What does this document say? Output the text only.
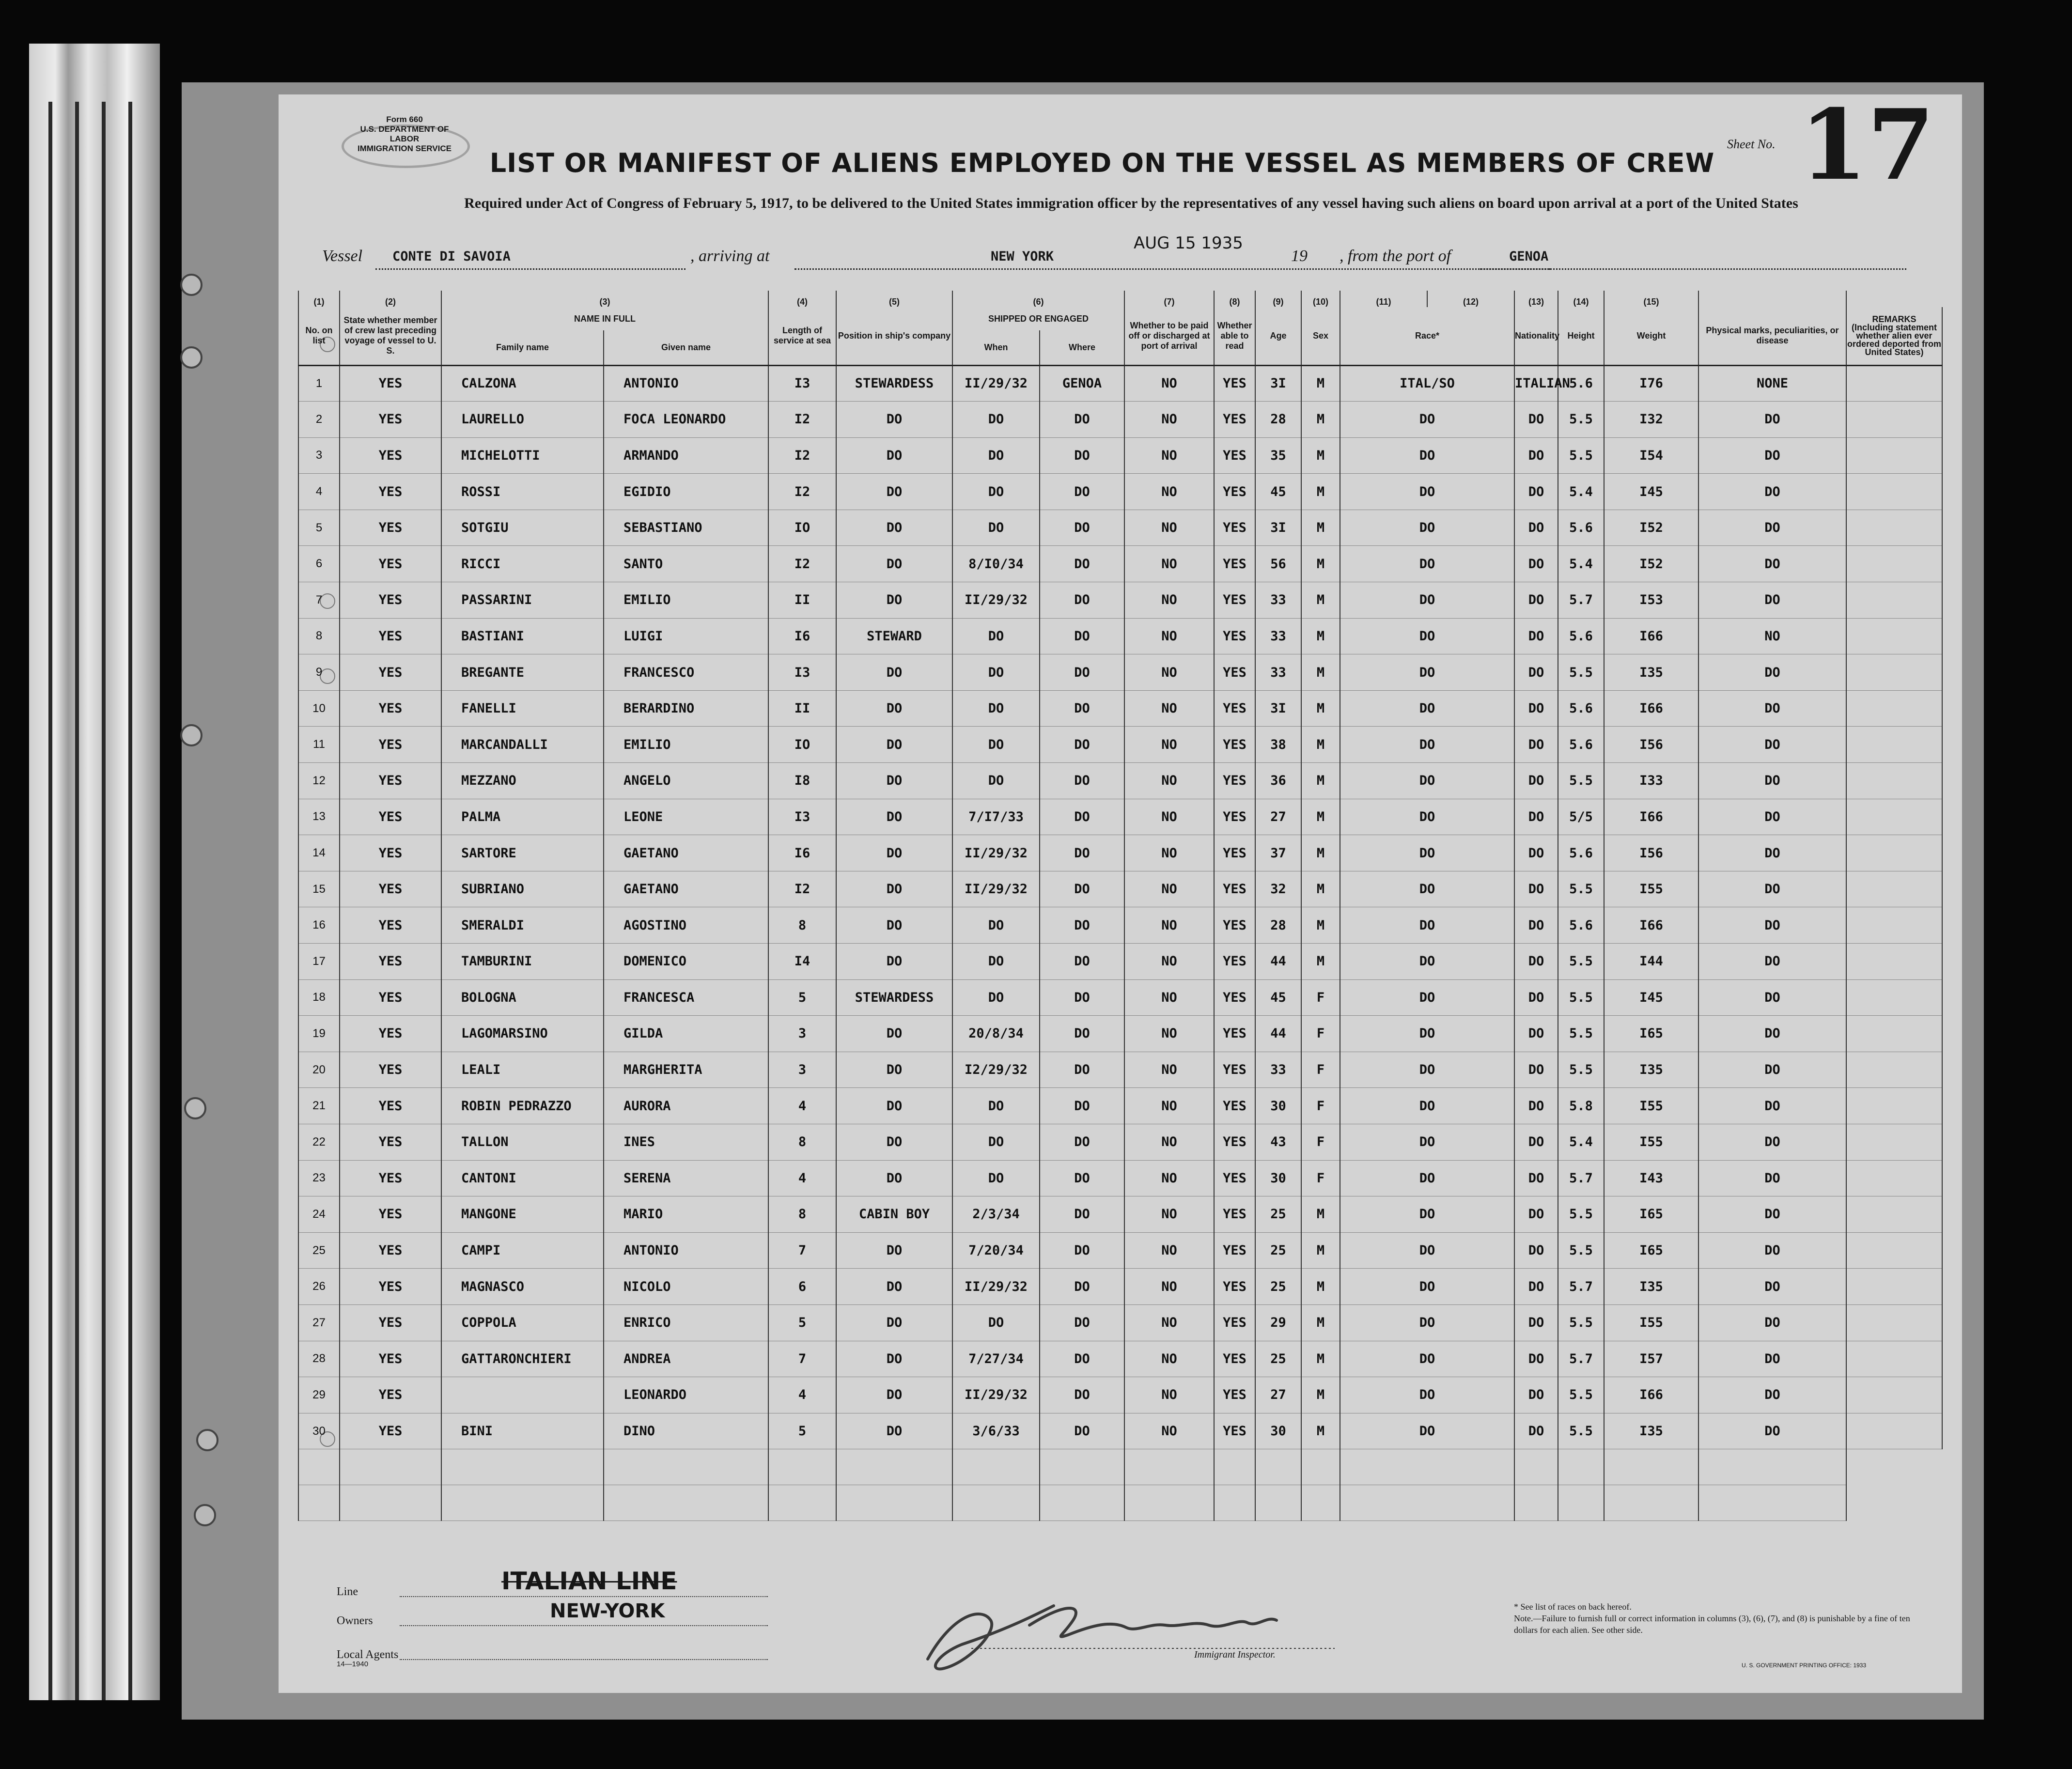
Form 660
U.S. DEPARTMENT OF LABOR
IMMIGRATION SERVICE	LIST OR MANIFEST OF ALIENS EMPLOYED ON THE VESSEL AS MEMBERS OF CREW
Sheet No. 17
Required under Act of Congress of February 5, 1917, to be delivered to the United States immigration officer by the representatives of any vessel having such aliens on board upon arrival at a port of the United States
Vessel CONTE DI SAVOIA	, arriving at	NEW YORK
AUG 15 1935
19 , from the port of	GENOA
(1)	(2)	(3)		(4)	(5)	(6)		(7)	(8)	(9)	(10)	(11)	(12)	(13)	(14)	(15)		
No. on list	State whether member of crew last preceding voyage of vessel to U. S.	NAME IN FULL		Length of service at sea	Position in ship's company	SHIPPED OR ENGAGED		Whether to be paid off or discharged at port of arrival	Whether able to read	Age	Sex	Race*		Nationality	Height	Weight	Physical marks, peculiarities, or disease	REMARKS
(Including statement whether alien ever ordered deported from United States)

		Family name	Given name			When	Where											
1	YES	CALZONA	ANTONIO	I3	STEWARDESS	II/29/32	GENOA	NO	YES	3I	M	ITAL/SO		ITALIAN	5.6	I76	NONE	
2	YES	LAURELLO	FOCA LEONARDO	I2	DO	DO	DO	NO	YES	28	M	DO		DO	5.5	I32	DO	
3	YES	MICHELOTTI	ARMANDO	I2	DO	DO	DO	NO	YES	35	M	DO		DO	5.5	I54	DO	
4	YES	ROSSI	EGIDIO	I2	DO	DO	DO	NO	YES	45	M	DO		DO	5.4	I45	DO	
5	YES	SOTGIU	SEBASTIANO	IO	DO	DO	DO	NO	YES	3I	M	DO		DO	5.6	I52	DO	
6	YES	RICCI	SANTO	I2	DO	8/I0/34	DO	NO	YES	56	M	DO		DO	5.4	I52	DO	
7	YES	PASSARINI	EMILIO	II	DO	II/29/32	DO	NO	YES	33	M	DO		DO	5.7	I53	DO	
8	YES	BASTIANI	LUIGI	I6	STEWARD	DO	DO	NO	YES	33	M	DO		DO	5.6	I66	NO	
9	YES	BREGANTE	FRANCESCO	I3	DO	DO	DO	NO	YES	33	M	DO		DO	5.5	I35	DO	
10	YES	FANELLI	BERARDINO	II	DO	DO	DO	NO	YES	3I	M	DO		DO	5.6	I66	DO	
11	YES	MARCANDALLI	EMILIO	IO	DO	DO	DO	NO	YES	38	M	DO		DO	5.6	I56	DO	
12	YES	MEZZANO	ANGELO	I8	DO	DO	DO	NO	YES	36	M	DO		DO	5.5	I33	DO	
13	YES	PALMA	LEONE	I3	DO	7/I7/33	DO	NO	YES	27	M	DO		DO	5/5	I66	DO	
14	YES	SARTORE	GAETANO	I6	DO	II/29/32	DO	NO	YES	37	M	DO		DO	5.6	I56	DO	
15	YES	SUBRIANO	GAETANO	I2	DO	II/29/32	DO	NO	YES	32	M	DO		DO	5.5	I55	DO	
16	YES	SMERALDI	AGOSTINO	8	DO	DO	DO	NO	YES	28	M	DO		DO	5.6	I66	DO	
17	YES	TAMBURINI	DOMENICO	I4	DO	DO	DO	NO	YES	44	M	DO		DO	5.5	I44	DO	
18	YES	BOLOGNA	FRANCESCA	5	STEWARDESS	DO	DO	NO	YES	45	F	DO		DO	5.5	I45	DO	
19	YES	LAGOMARSINO	GILDA	3	DO	20/8/34	DO	NO	YES	44	F	DO		DO	5.5	I65	DO	
20	YES	LEALI	MARGHERITA	3	DO	I2/29/32	DO	NO	YES	33	F	DO		DO	5.5	I35	DO	
21	YES	ROBIN PEDRAZZO	AURORA	4	DO	DO	DO	NO	YES	30	F	DO		DO	5.8	I55	DO	
22	YES	TALLON	INES	8	DO	DO	DO	NO	YES	43	F	DO		DO	5.4	I55	DO	
23	YES	CANTONI	SERENA	4	DO	DO	DO	NO	YES	30	F	DO		DO	5.7	I43	DO	
24	YES	MANGONE	MARIO	8	CABIN BOY	2/3/34	DO	NO	YES	25	M	DO		DO	5.5	I65	DO	
25	YES	CAMPI	ANTONIO	7	DO	7/20/34	DO	NO	YES	25	M	DO		DO	5.5	I65	DO	
26	YES	MAGNASCO	NICOLO	6	DO	II/29/32	DO	NO	YES	25	M	DO		DO	5.7	I35	DO	
27	YES	COPPOLA	ENRICO	5	DO	DO	DO	NO	YES	29	M	DO		DO	5.5	I55	DO	
28	YES	GATTARONCHIERI	ANDREA	7	DO	7/27/34	DO	NO	YES	25	M	DO		DO	5.7	I57	DO	
29	YES		LEONARDO	4	DO	II/29/32	DO	NO	YES	27	M	DO		DO	5.5	I66	DO	
30	YES	BINI	DINO	5	DO	3/6/33	DO	NO	YES	30	M	DO		DO	5.5	I35	DO	

Line	ITALIAN LINE
Owners	NEW-YORK
Local Agents
14—1940
Immigrant Inspector.
* See list of races on back hereof.
Note.—Failure to furnish full or correct information in columns (3), (6), (7), and (8) is punishable by a fine of ten dollars for each alien. See other side.
U. S. GOVERNMENT PRINTING OFFICE: 1933
